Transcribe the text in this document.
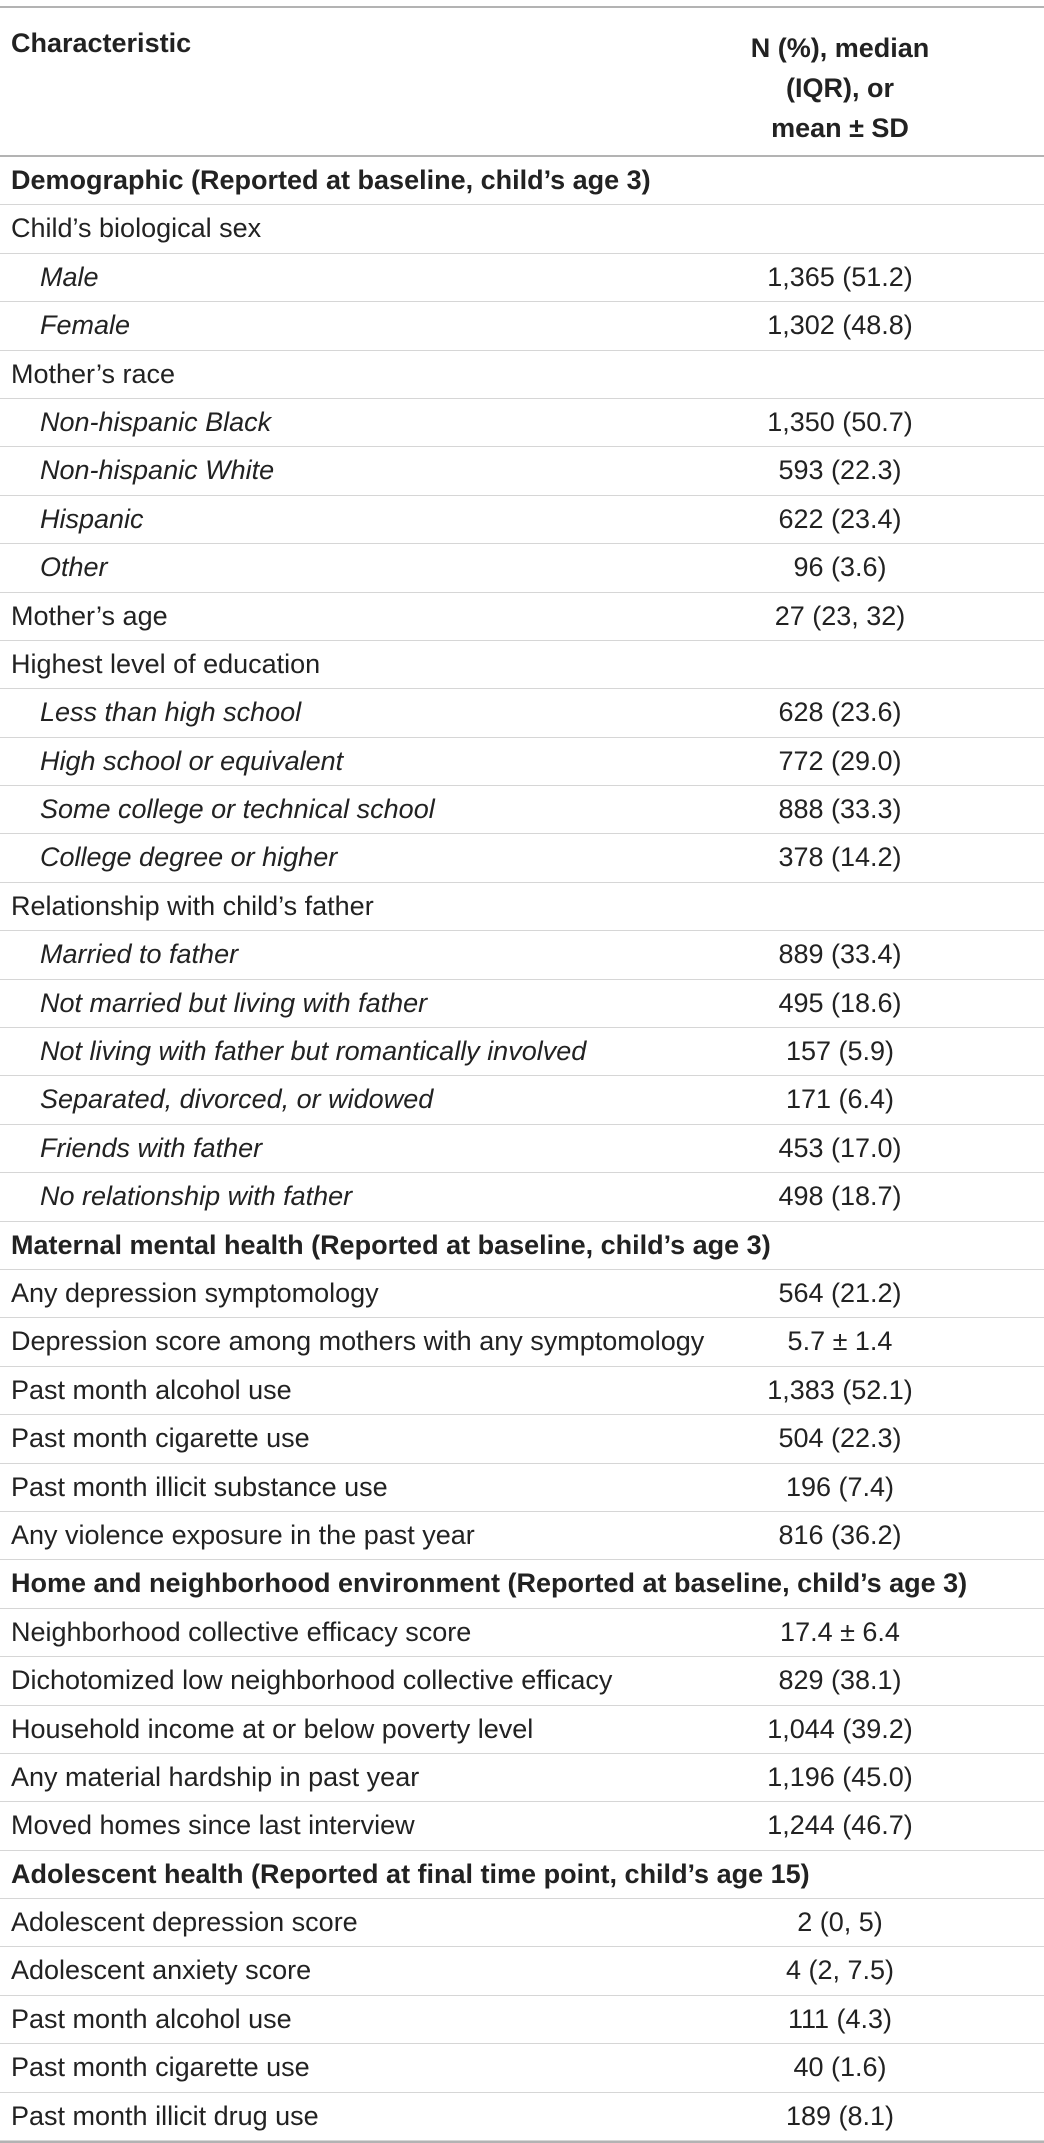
Characteristic	N (%), median
(IQR), or
mean ± SD
Demographic (Reported at baseline, child’s age 3)
Child’s biological sex
Male	1,365 (51.2)
Female	1,302 (48.8)
Mother’s race
Non-hispanic Black	1,350 (50.7)
Non-hispanic White	593 (22.3)
Hispanic	622 (23.4)
Other	96 (3.6)
Mother’s age	27 (23, 32)
Highest level of education
Less than high school	628 (23.6)
High school or equivalent	772 (29.0)
Some college or technical school	888 (33.3)
College degree or higher	378 (14.2)
Relationship with child’s father
Married to father	889 (33.4)
Not married but living with father	495 (18.6)
Not living with father but romantically involved	157 (5.9)
Separated, divorced, or widowed	171 (6.4)
Friends with father	453 (17.0)
No relationship with father	498 (18.7)
Maternal mental health (Reported at baseline, child’s age 3)
Any depression symptomology	564 (21.2)
Depression score among mothers with any symptomology	5.7 ± 1.4
Past month alcohol use	1,383 (52.1)
Past month cigarette use	504 (22.3)
Past month illicit substance use	196 (7.4)
Any violence exposure in the past year	816 (36.2)
Home and neighborhood environment (Reported at baseline, child’s age 3)
Neighborhood collective efficacy score	17.4 ± 6.4
Dichotomized low neighborhood collective efficacy	829 (38.1)
Household income at or below poverty level	1,044 (39.2)
Any material hardship in past year	1,196 (45.0)
Moved homes since last interview	1,244 (46.7)
Adolescent health (Reported at final time point, child’s age 15)
Adolescent depression score	2 (0, 5)
Adolescent anxiety score	4 (2, 7.5)
Past month alcohol use	111 (4.3)
Past month cigarette use	40 (1.6)
Past month illicit drug use	189 (8.1)
